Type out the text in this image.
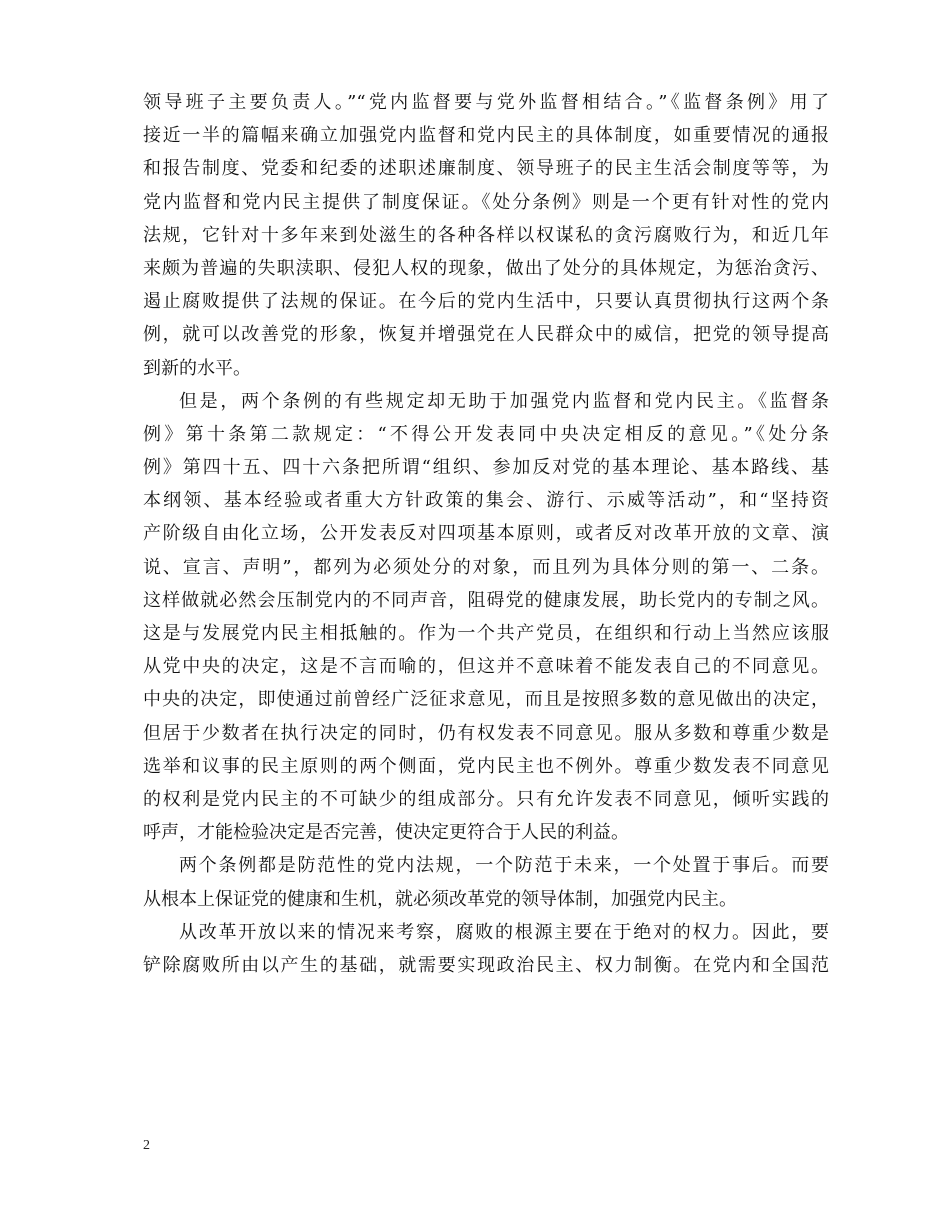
领导班子主要负责人。”“党内监督要与党外监督相结合。”《监督条例》用了
接近一半的篇幅来确立加强党内监督和党内民主的具体制度，如重要情况的通报
和报告制度、党委和纪委的述职述廉制度、领导班子的民主生活会制度等等，为
党内监督和党内民主提供了制度保证。《处分条例》则是一个更有针对性的党内
法规，它针对十多年来到处滋生的各种各样以权谋私的贪污腐败行为，和近几年
来颇为普遍的失职渎职、侵犯人权的现象，做出了处分的具体规定，为惩治贪污、
遏止腐败提供了法规的保证。在今后的党内生活中，只要认真贯彻执行这两个条
例，就可以改善党的形象，恢复并增强党在人民群众中的威信，把党的领导提高
到新的水平。
但是，两个条例的有些规定却无助于加强党内监督和党内民主。《监督条
例》第十条第二款规定：“不得公开发表同中央决定相反的意见。”《处分条
例》第四十五、四十六条把所谓“组织、参加反对党的基本理论、基本路线、基
本纲领、基本经验或者重大方针政策的集会、游行、示威等活动”，和“坚持资
产阶级自由化立场，公开发表反对四项基本原则，或者反对改革开放的文章、演
说、宣言、声明”，都列为必须处分的对象，而且列为具体分则的第一、二条。
这样做就必然会压制党内的不同声音，阻碍党的健康发展，助长党内的专制之风。
这是与发展党内民主相抵触的。作为一个共产党员，在组织和行动上当然应该服
从党中央的决定，这是不言而喻的，但这并不意味着不能发表自己的不同意见。
中央的决定，即使通过前曾经广泛征求意见，而且是按照多数的意见做出的决定，
但居于少数者在执行决定的同时，仍有权发表不同意见。服从多数和尊重少数是
选举和议事的民主原则的两个侧面，党内民主也不例外。尊重少数发表不同意见
的权利是党内民主的不可缺少的组成部分。只有允许发表不同意见，倾听实践的
呼声，才能检验决定是否完善，使决定更符合于人民的利益。
两个条例都是防范性的党内法规，一个防范于未来，一个处置于事后。而要
从根本上保证党的健康和生机，就必须改革党的领导体制，加强党内民主。
从改革开放以来的情况来考察，腐败的根源主要在于绝对的权力。因此，要
铲除腐败所由以产生的基础，就需要实现政治民主、权力制衡。在党内和全国范
2
